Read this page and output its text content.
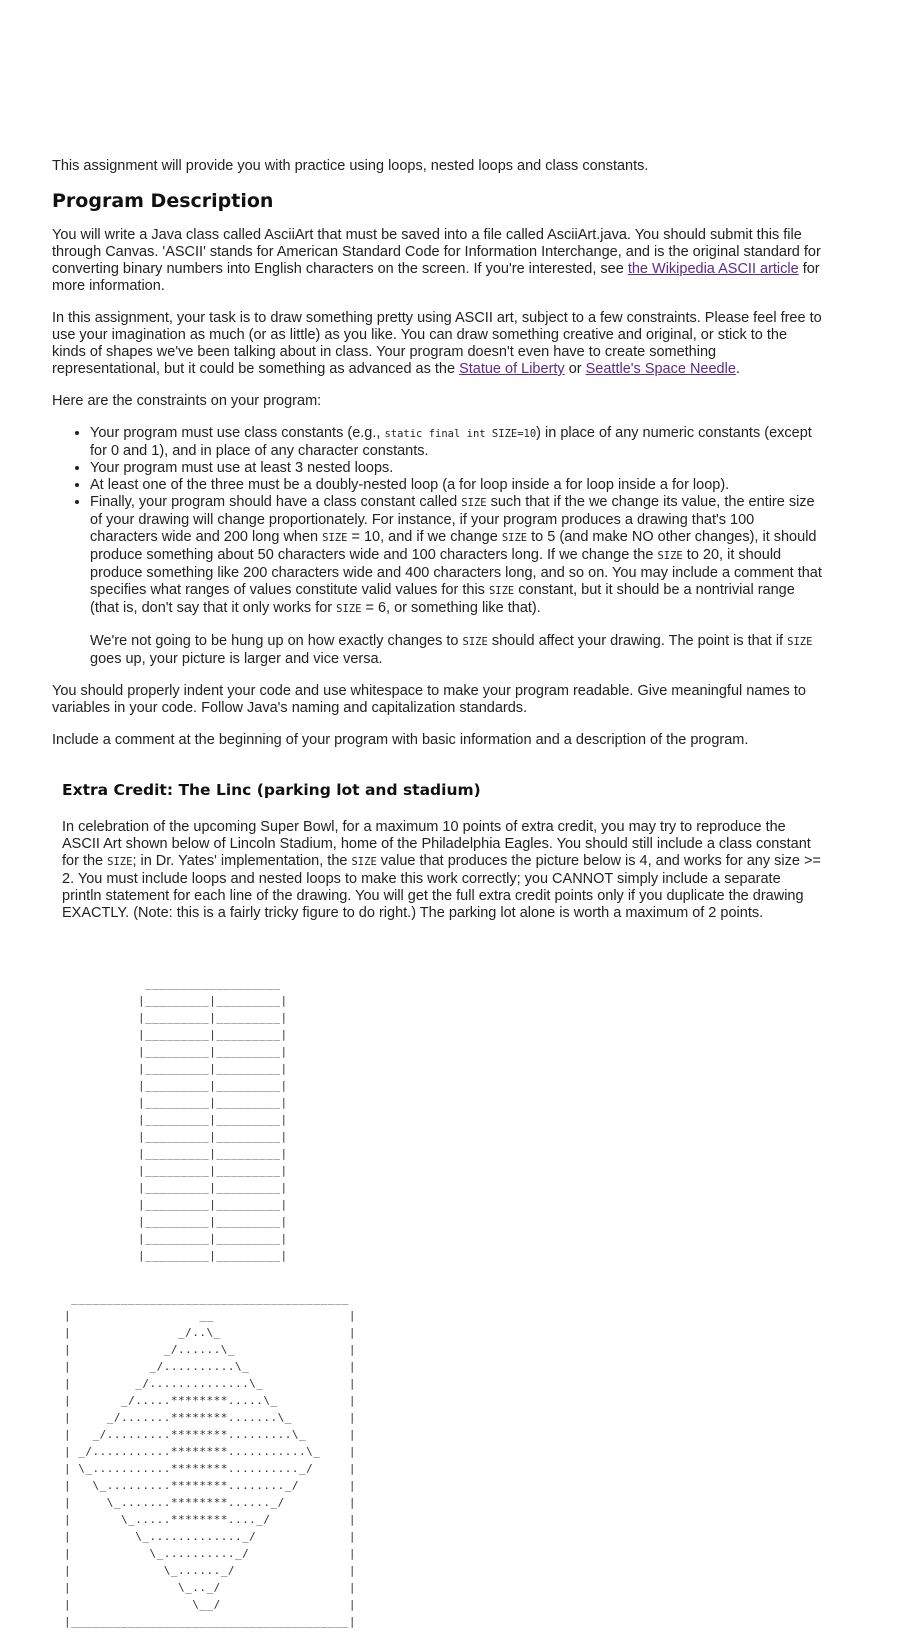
This assignment will provide you with practice using loops, nested loops and class constants.

Program Description

You will write a Java class called AsciiArt that must be saved into a file called AsciiArt.java. You should submit this file through Canvas. 'ASCII' stands for American Standard Code for Information Interchange, and is the original standard for converting binary numbers into English characters on the screen. If you're interested, see the Wikipedia ASCII article for more information.

In this assignment, your task is to draw something pretty using ASCII art, subject to a few constraints. Please feel free to use your imagination as much (or as little) as you like. You can draw something creative and original, or stick to the kinds of shapes we've been talking about in class. Your program doesn't even have to create something representational, but it could be something as advanced as the Statue of Liberty or Seattle's Space Needle.

Here are the constraints on your program:

• Your program must use class constants (e.g., static final int SIZE=10) in place of any numeric constants (except for 0 and 1), and in place of any character constants.
• Your program must use at least 3 nested loops.
• At least one of the three must be a doubly-nested loop (a for loop inside a for loop inside a for loop).
• Finally, your program should have a class constant called SIZE such that if the we change its value, the entire size of your drawing will change proportionately. For instance, if your program produces a drawing that's 100 characters wide and 200 long when SIZE = 10, and if we change SIZE to 5 (and make NO other changes), it should produce something about 50 characters wide and 100 characters long. If we change the SIZE to 20, it should produce something like 200 characters wide and 400 characters long, and so on. You may include a comment that specifies what ranges of values constitute valid values for this SIZE constant, but it should be a nontrivial range (that is, don't say that it only works for SIZE = 6, or something like that).
We're not going to be hung up on how exactly changes to SIZE should affect your drawing. The point is that if SIZE goes up, your picture is larger and vice versa.

You should properly indent your code and use whitespace to make your program readable. Give meaningful names to variables in your code. Follow Java's naming and capitalization standards.

Include a comment at the beginning of your program with basic information and a description of the program.

Extra Credit: The Linc (parking lot and stadium)

In celebration of the upcoming Super Bowl, for a maximum 10 points of extra credit, you may try to reproduce the ASCII Art shown below of Lincoln Stadium, home of the Philadelphia Eagles. You should still include a class constant for the SIZE; in Dr. Yates' implementation, the SIZE value that produces the picture below is 4, and works for any size >= 2. You must include loops and nested loops to make this work correctly; you CANNOT simply include a separate println statement for each line of the drawing. You will get the full extra credit points only if you duplicate the drawing EXACTLY. (Note: this is a fairly tricky figure to do right.) The parking lot alone is worth a maximum of 2 points.

___________________
|_________|_________|
|_________|_________|
|_________|_________|
|_________|_________|
|_________|_________|
|_________|_________|
|_________|_________|
|_________|_________|
|_________|_________|
|_________|_________|
|_________|_________|
|_________|_________|
|_________|_________|
|_________|_________|
|_________|_________|
|_________|_________|
_______________________________________
|                  __                   |
|               _/..\_                  |
|             _/......\_                |
|           _/..........\_              |
|         _/..............\_            |
|       _/.....********.....\_          |
|     _/.......********.......\_        |
|   _/.........********.........\_      |
| _/...........********...........\_    |
| \_...........********.........._/     |
|   \_.........********........_/       |
|     \_.......********......_/         |
|       \_.....********...._/           |
|         \_............._/             |
|           \_.........._/              |
|             \_......_/                |
|               \_.._/                  |
|                 \__/                  |
|_______________________________________|
